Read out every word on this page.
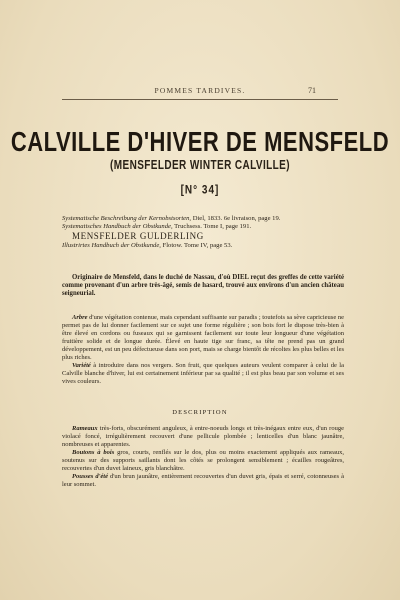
POMMES TARDIVES.	71
CALVILLE D'HIVER DE MENSFELD
(MENSFELDER WINTER CALVILLE)
[N° 34]

Systematische Beschreibung der Kernobstsorten, Diel, 1833. 6e livraison, page 19.

Systematisches Handbuch der Obstkunde, Truchsess. Tome I, page 191.

MENSFELDER GULDERLING

Illustrirtes Handbuch der Obstkunde, Flotow. Tome IV, page 53.

Originaire de Mensfeld, dans le duché de Nassau, d'où DIEL reçut des greffes de cette variété comme provenant d'un arbre très-âgé, semis de hasard, trouvé aux environs d'un ancien château seigneurial.

Arbre d'une végétation contenue, mais cependant suffisante sur paradis ; toutefois sa sève capricieuse ne permet pas de lui donner facilement sur ce sujet une forme régulière ; son bois fort le dispose très-bien à être élevé en cordons ou fuseaux qui se garnissent facilement sur toute leur longueur d'une végétation fruitière solide et de longue durée. Élevé en haute tige sur franc, sa tête ne prend pas un grand développement, est un peu défectueuse dans son port, mais se charge bientôt de récoltes les plus belles et les plus riches.

Variété à introduire dans nos vergers. Son fruit, que quelques auteurs veulent comparer à celui de la Calville blanche d'hiver, lui est certainement inférieur par sa qualité ; il est plus beau par son volume et ses vives couleurs.

DESCRIPTION

Rameaux très-forts, obscurément anguleux, à entre-noeuds longs et très-inégaux entre eux, d'un rouge violacé foncé, irrégulièrement recouvert d'une pellicule plombée ; lenticelles d'un blanc jaunâtre, nombreuses et apparentes.

Boutons à bois gros, courts, renflés sur le dos, plus ou moins exactement appliqués aux rameaux, soutenus sur des supports saillants dont les côtés se prolongent sensiblement ; écailles rougeâtres, recouvertes d'un duvet laineux, gris blanchâtre.

Pousses d'été d'un brun jaunâtre, entièrement recouvertes d'un duvet gris, épais et serré, cotonneuses à leur sommet.
